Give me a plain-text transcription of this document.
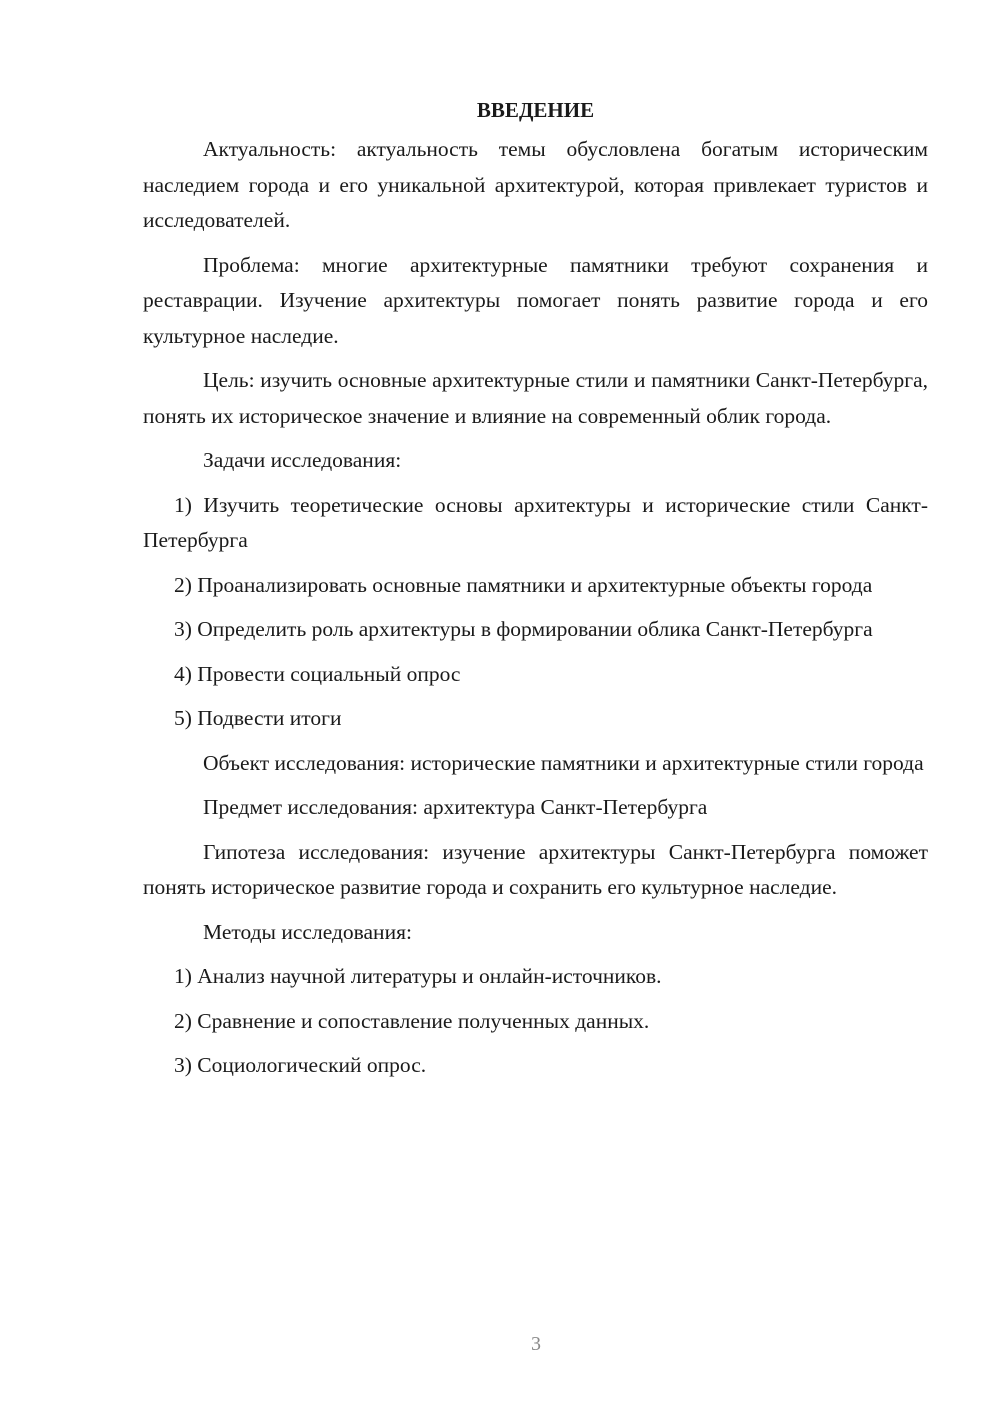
ВВЕДЕНИЕ

Актуальность: актуальность темы обусловлена богатым историческим наследием города и его уникальной архитектурой, которая привлекает туристов и исследователей.

Проблема: многие архитектурные памятники требуют сохранения и реставрации. Изучение архитектуры помогает понять развитие города и его культурное наследие.

Цель: изучить основные архитектурные стили и памятники Санкт-Петербурга, понять их историческое значение и влияние на современный облик города.

Задачи исследования:

1) Изучить теоретические основы архитектуры и исторические стили Санкт-Петербурга

2) Проанализировать основные памятники и архитектурные объекты города

3) Определить роль архитектуры в формировании облика Санкт-Петербурга

4) Провести социальный опрос

5) Подвести итоги

Объект исследования: исторические памятники и архитектурные стили города

Предмет исследования: архитектура Санкт-Петербурга

Гипотеза исследования: изучение архитектуры Санкт-Петербурга поможет понять историческое развитие города и сохранить его культурное наследие.

Методы исследования:

1) Анализ научной литературы и онлайн-источников.

2) Сравнение и сопоставление полученных данных.

3) Социологический опрос.

3
